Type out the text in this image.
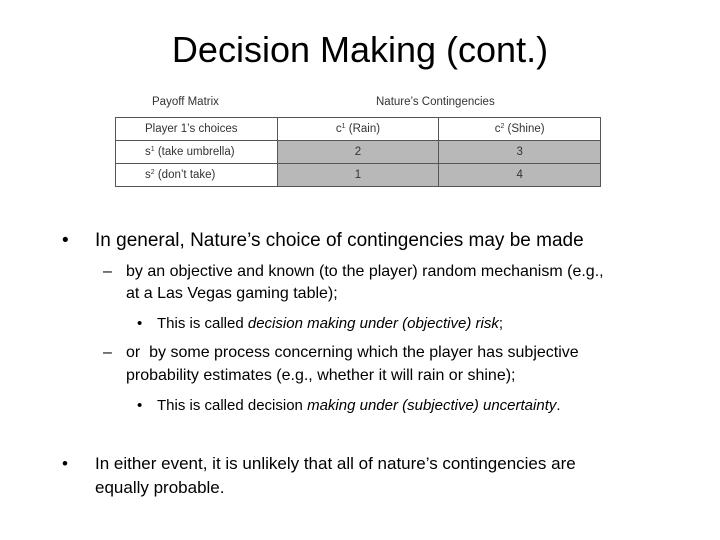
Decision Making (cont.)
Payoff Matrix	Nature’s Contingencies
Player 1’s choices	$c^1$ (Rain)	$c^2$ (Shine)
$s^1$ (take umbrella)	2	3
$s^2$ (don’t take)	1	4
• In general, Nature’s choice of contingencies may be made
– by an objective and known (to the player) random mechanism (e.g.,
at a Las Vegas gaming table);
• This is called decision making under (objective) risk;
– or  by some process concerning which the player has subjective
probability estimates (e.g., whether it will rain or shine);
• This is called decision making under (subjective) uncertainty.
• In either event, it is unlikely that all of nature’s contingencies are
equally probable.
